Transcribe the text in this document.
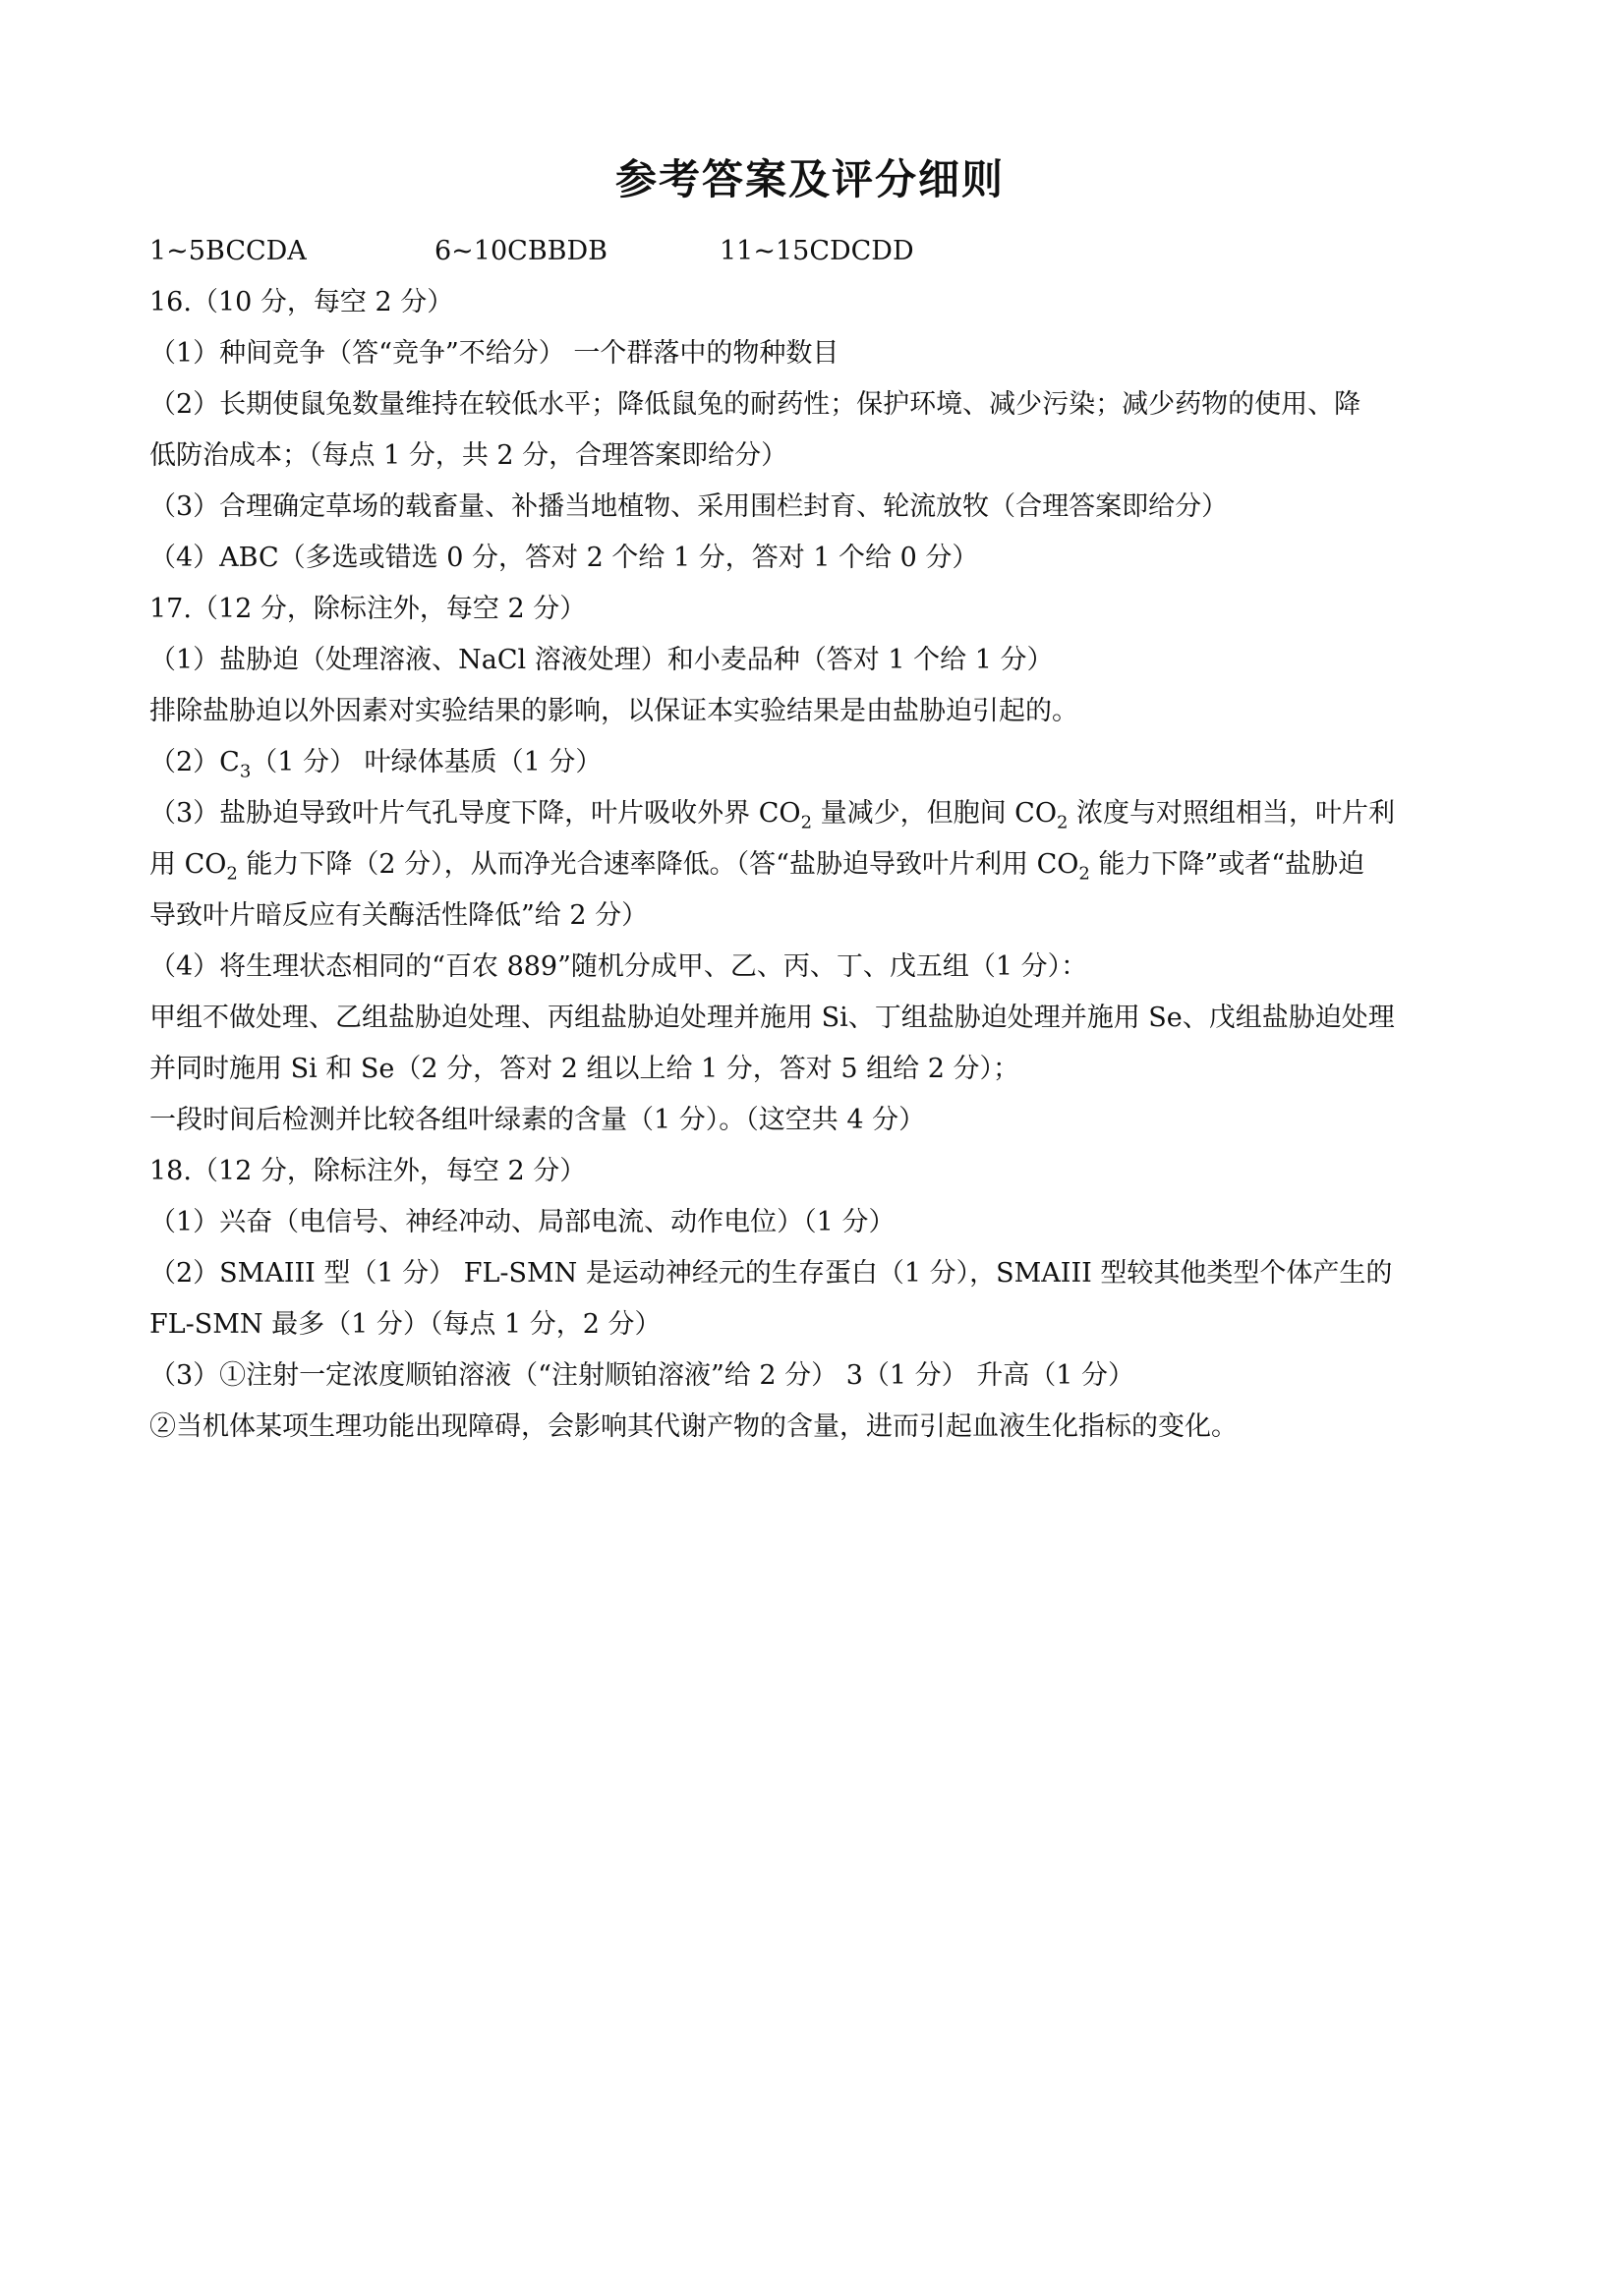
参考答案及评分细则
1~5BCCDA	6~10CBBDB	11~15CDCDD
16.（10 分，每空 2 分）
（1）种间竞争（答“竞争”不给分） 一个群落中的物种数目
（2）长期使鼠兔数量维持在较低水平；降低鼠兔的耐药性；保护环境、减少污染；减少药物的使用、降
低防治成本；（每点 1 分，共 2 分，合理答案即给分）
（3）合理确定草场的载畜量、补播当地植物、采用围栏封育、轮流放牧（合理答案即给分）
（4）ABC（多选或错选 0 分，答对 2 个给 1 分，答对 1 个给 0 分）
17.（12 分，除标注外，每空 2 分）
（1）盐胁迫（处理溶液、NaCl 溶液处理）和小麦品种（答对 1 个给 1 分）
排除盐胁迫以外因素对实验结果的影响，以保证本实验结果是由盐胁迫引起的。
$(2)C_3(1$ 分） 叶绿体基质（1 分）
（3）盐胁迫导致叶片气孔导度下降，叶片吸收外界 $CO_2$ 量减少，但胞间 $CO_2$ 浓度与对照组相当，叶片利
用 $CO_2$ 能力下降（2 分），从而净光合速率降低。（答“盐胁迫导致叶片利用 $CO_2$ 能力下降”或者“盐胁迫
导致叶片暗反应有关酶活性降低”给 2 分）
（4）将生理状态相同的“百农 889”随机分成甲、乙、丙、丁、戊五组（1 分）：
甲组不做处理、乙组盐胁迫处理、丙组盐胁迫处理并施用 Si、丁组盐胁迫处理并施用 Se、戊组盐胁迫处理
并同时施用 Si 和 Se（2 分，答对 2 组以上给 1 分，答对 5 组给 2 分）；
一段时间后检测并比较各组叶绿素的含量（1 分）。（这空共 4 分）
18.（12 分，除标注外，每空 2 分）
（1）兴奋（电信号、神经冲动、局部电流、动作电位）（1 分）
（2）SMAIII 型（1 分） FL-SMN 是运动神经元的生存蛋白（1 分），SMAIII 型较其他类型个体产生的
FL-SMN 最多（1 分）（每点 1 分，2 分）
（3）①注射一定浓度顺铂溶液（“注射顺铂溶液”给 2 分） 3（1 分） 升高（1 分）
②当机体某项生理功能出现障碍，会影响其代谢产物的含量，进而引起血液生化指标的变化。
